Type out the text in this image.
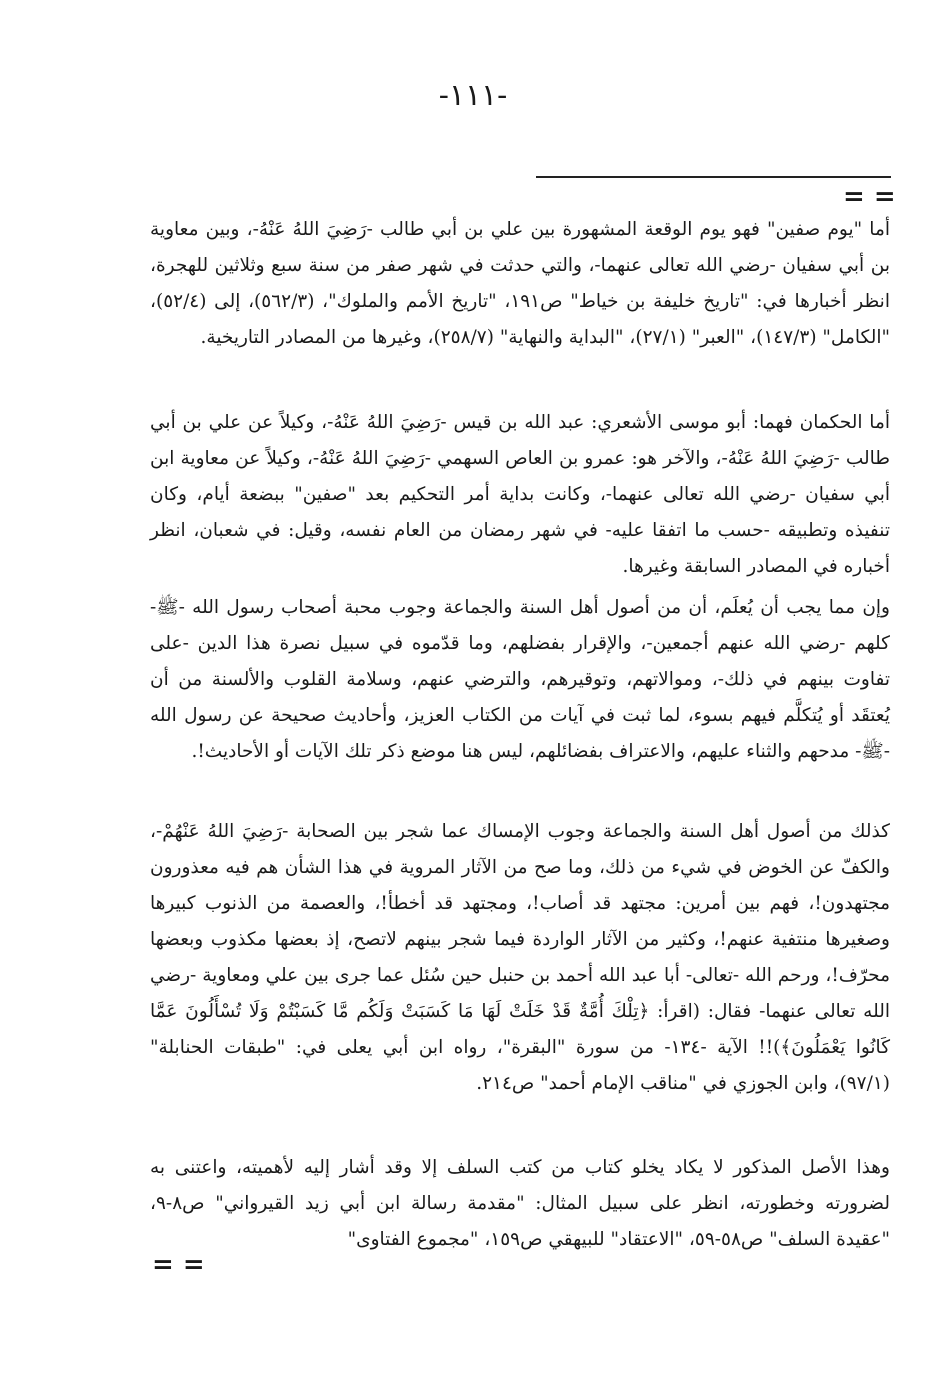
-١١١-
= =

أما "يوم صفين" فهو يوم الوقعة المشهورة بين علي بن أبي طالب -رَضِيَ اللهُ عَنْهُ-، وبين معاوية بن أبي سفيان -رضي الله تعالى عنهما-، والتي حدثت في شهر صفر من سنة سبع وثلاثين للهجرة، انظر أخبارها في: "تاريخ خليفة بن خياط" ص١٩١، "تاريخ الأمم والملوك"، (٥٦٢/٣)، إلى (٥٢/٤)، "الكامل" (١٤٧/٣)، "العبر" (٢٧/١)، "البداية والنهاية" (٢٥٨/٧)، وغيرها من المصادر التاريخية.

أما الحكمان فهما: أبو موسى الأشعري: عبد الله بن قيس -رَضِيَ اللهُ عَنْهُ-، وكيلاً عن علي بن أبي طالب -رَضِيَ اللهُ عَنْهُ-، والآخر هو: عمرو بن العاص السهمي -رَضِيَ اللهُ عَنْهُ-، وكيلاً عن معاوية ابن أبي سفيان -رضي الله تعالى عنهما-، وكانت بداية أمر التحكيم بعد "صفين" ببضعة أيام، وكان تنفيذه وتطبيقه -حسب ما اتفقا عليه- في شهر رمضان من العام نفسه، وقيل: في شعبان، انظر أخباره في المصادر السابقة وغيرها.

وإن مما يجب أن يُعلَم، أن من أصول أهل السنة والجماعة وجوب محبة أصحاب رسول الله -ﷺ- كلهم -رضي الله عنهم أجمعين-، والإقرار بفضلهم، وما قدّموه في سبيل نصرة هذا الدين -على تفاوت بينهم في ذلك-، وموالاتهم، وتوقيرهم، والترضي عنهم، وسلامة القلوب والألسنة من أن يُعتقَد أو يُتكلَّم فيهم بسوء، لما ثبت في آيات من الكتاب العزيز، وأحاديث صحيحة عن رسول الله -ﷺ- مدحهم والثناء عليهم، والاعتراف بفضائلهم، ليس هنا موضع ذكر تلك الآيات أو الأحاديث!.

كذلك من أصول أهل السنة والجماعة وجوب الإمساك عما شجر بين الصحابة -رَضِيَ اللهُ عَنْهُمْ-، والكفّ عن الخوض في شيء من ذلك، وما صح من الآثار المروية في هذا الشأن هم فيه معذورون مجتهدون!، فهم بين أمرين: مجتهد قد أصاب!، ومجتهد قد أخطأ!، والعصمة من الذنوب كبيرها وصغيرها منتفية عنهم!، وكثير من الآثار الواردة فيما شجر بينهم لاتصح، إذ بعضها مكذوب وبعضها محرّف!، ورحم الله -تعالى- أبا عبد الله أحمد بن حنبل حين سُئل عما جرى بين علي ومعاوية -رضي الله تعالى عنهما- فقال: (اقرأ: ﴿تِلْكَ أُمَّةٌ قَدْ خَلَتْ لَهَا مَا كَسَبَتْ وَلَكُم مَّا كَسَبْتُمْ وَلَا تُسْأَلُونَ عَمَّا كَانُوا يَعْمَلُونَ﴾)!! الآية -١٣٤- من سورة "البقرة"، رواه ابن أبي يعلى في: "طبقات الحنابلة" (٩٧/١)، وابن الجوزي في "مناقب الإمام أحمد" ص٢١٤.

وهذا الأصل المذكور لا يكاد يخلو كتاب من كتب السلف إلا وقد أشار إليه لأهميته، واعتنى به لضرورته وخطورته، انظر على سبيل المثال: "مقدمة رسالة ابن أبي زيد القيرواني" ص٨-٩، "عقيدة السلف" ص٥٨-٥٩، "الاعتقاد" للبيهقي ص١٥٩، "مجموع الفتاوى"

= =
